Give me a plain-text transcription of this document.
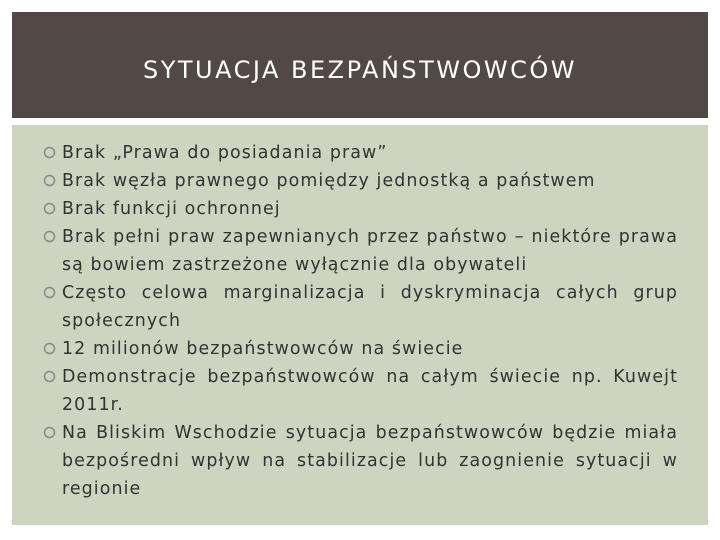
SYTUACJA BEZPAŃSTWOWCÓW
Brak „Prawa do posiadania praw”
Brak węzła prawnego pomiędzy jednostką a państwem
Brak funkcji ochronnej
Brak pełni praw zapewnianych przez państwo – niektóre prawa są bowiem zastrzeżone wyłącznie dla obywateli
Często celowa marginalizacja i dyskryminacja całych grup społecznych
12 milionów bezpaństwowców na świecie
Demonstracje bezpaństwowców na całym świecie np. Kuwejt 2011r.
Na Bliskim Wschodzie sytuacja bezpaństwowców będzie miała bezpośredni wpływ na stabilizacje lub zaognienie sytuacji w regionie
